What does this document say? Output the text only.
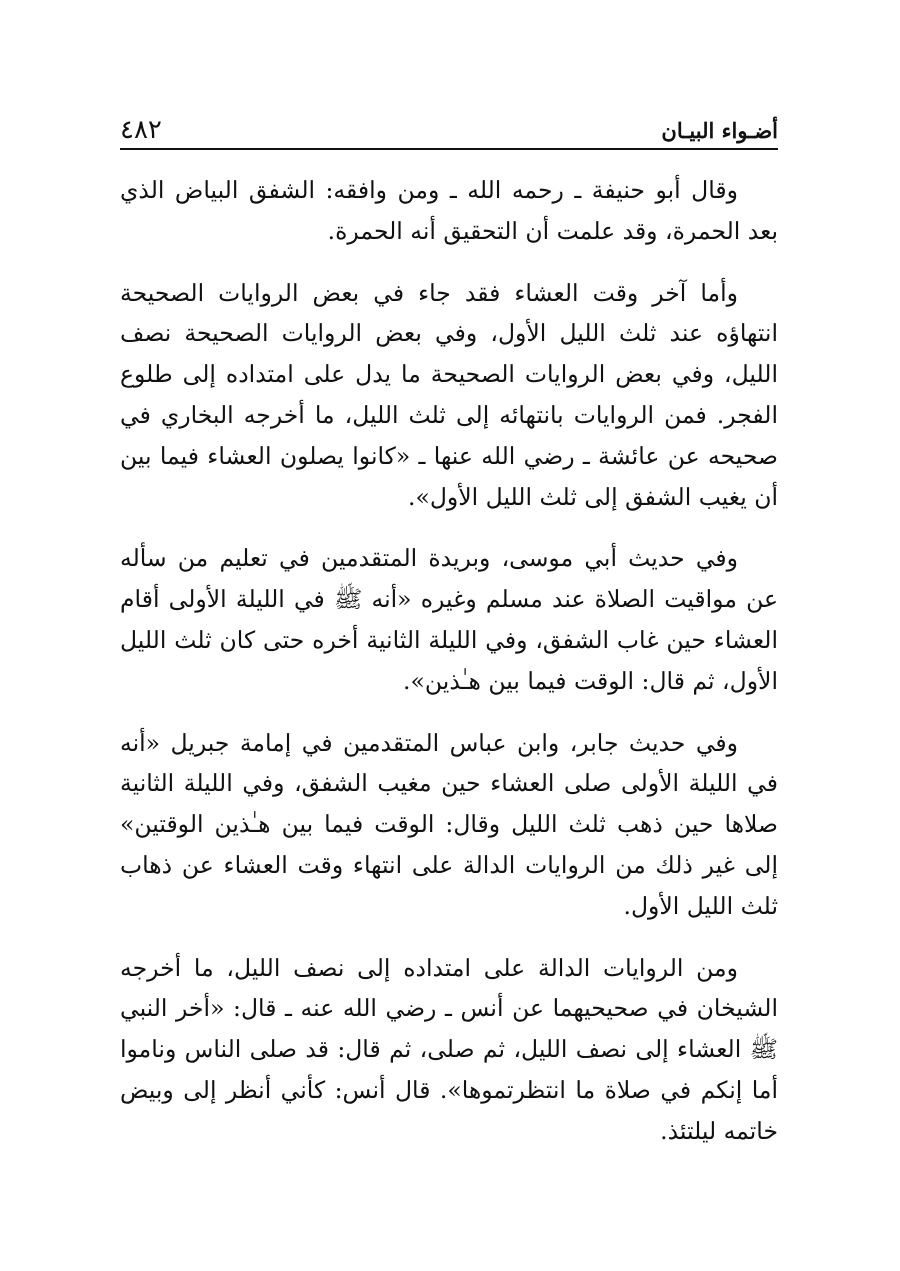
أضـواء البيـان
٤٨٢

وقال أبو حنيفة ـ رحمه الله ـ ومن وافقه: الشفق البياض الذي بعد الحمرة، وقد علمت أن التحقيق أنه الحمرة.

وأما آخر وقت العشاء فقد جاء في بعض الروايات الصحيحة انتهاؤه عند ثلث الليل الأول، وفي بعض الروايات الصحيحة نصف الليل، وفي بعض الروايات الصحيحة ما يدل على امتداده إلى طلوع الفجر. فمن الروايات بانتهائه إلى ثلث الليل، ما أخرجه البخاري في صحيحه عن عائشة ـ رضي الله عنها ـ «كانوا يصلون العشاء فيما بين أن يغيب الشفق إلى ثلث الليل الأول».

وفي حديث أبي موسى، وبريدة المتقدمين في تعليم من سأله عن مواقيت الصلاة عند مسلم وغيره «أنه ﷺ في الليلة الأولى أقام العشاء حين غاب الشفق، وفي الليلة الثانية أخره حتى كان ثلث الليل الأول، ثم قال: الوقت فيما بين هـٰذين».

وفي حديث جابر، وابن عباس المتقدمين في إمامة جبريل «أنه في الليلة الأولى صلى العشاء حين مغيب الشفق، وفي الليلة الثانية صلاها حين ذهب ثلث الليل وقال: الوقت فيما بين هـٰذين الوقتين» إلى غير ذلك من الروايات الدالة على انتهاء وقت العشاء عن ذهاب ثلث الليل الأول.

ومن الروايات الدالة على امتداده إلى نصف الليل، ما أخرجه الشيخان في صحيحيهما عن أنس ـ رضي الله عنه ـ قال: «أخر النبي ﷺ العشاء إلى نصف الليل، ثم صلى، ثم قال: قد صلى الناس وناموا أما إنكم في صلاة ما انتظرتموها». قال أنس: كأني أنظر إلى وبيض خاتمه ليلتئذ.
